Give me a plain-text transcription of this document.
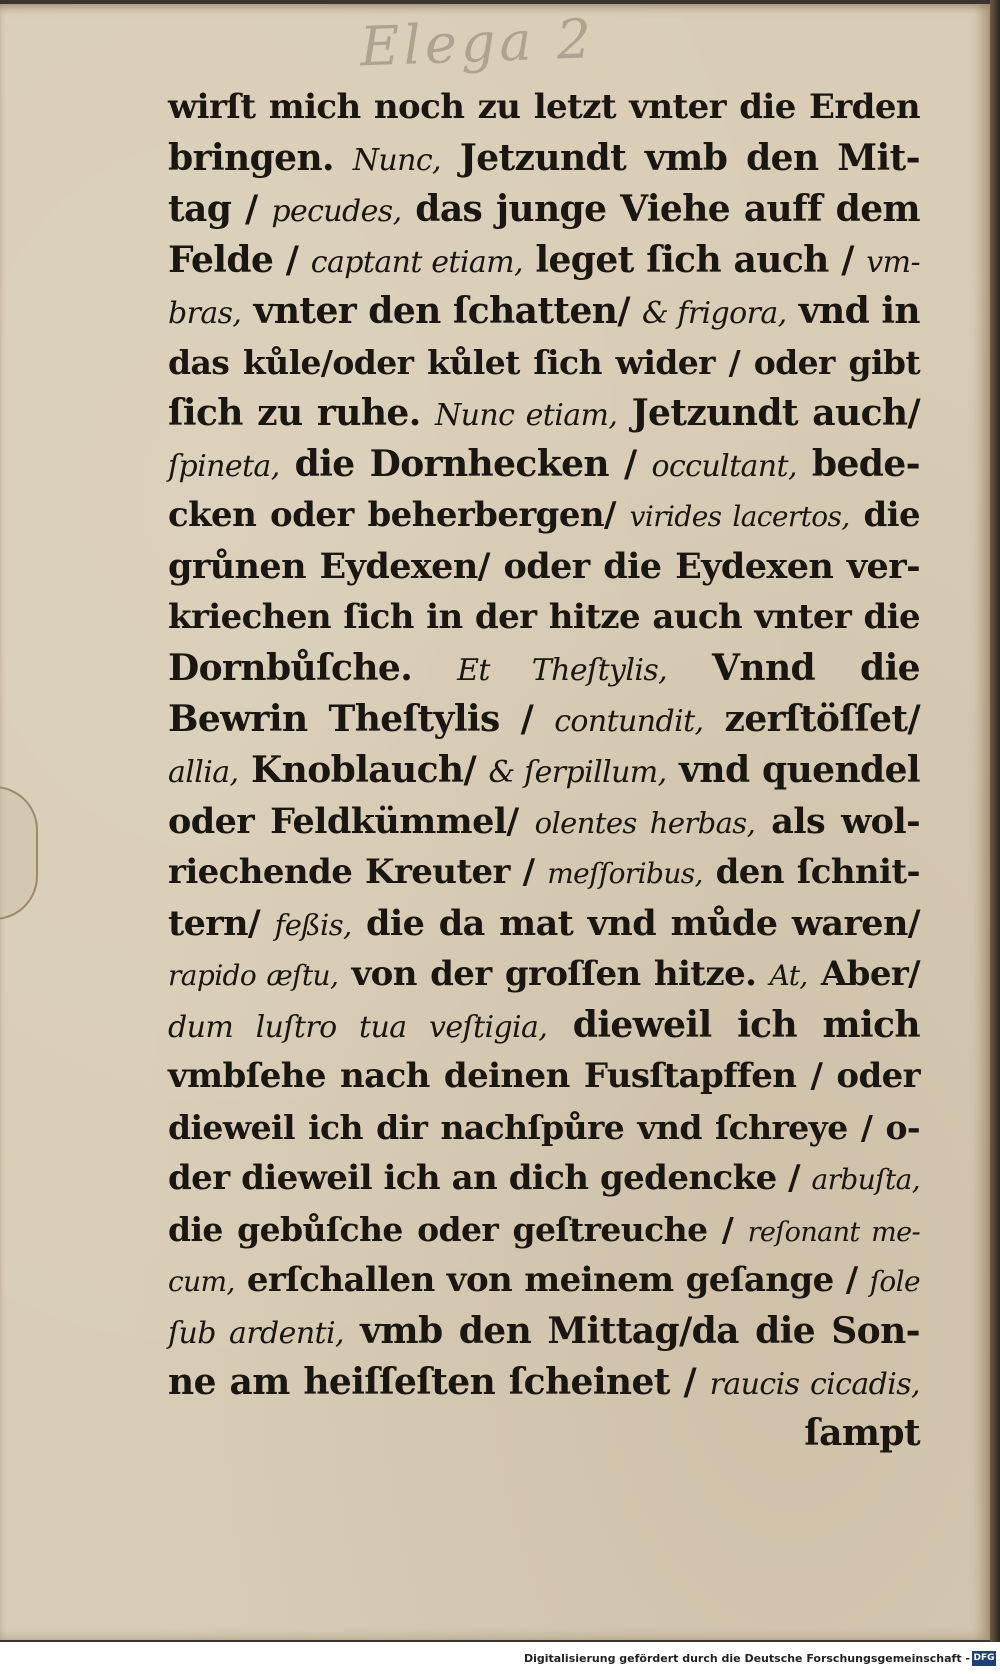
Elega 2
wirſt mich noch zu letzt vnter die Erden
bringen. Nunc, Jetzundt vmb den Mit-
tag / pecudes, das junge Viehe auff dem
Felde / captant etiam, leget ſich auch / vm-
bras, vnter den ſchatten/ & frigora, vnd in
das kůle/oder kůlet ſich wider / oder gibt
ſich zu ruhe. Nunc etiam, Jetzundt auch/
ſpineta, die Dornhecken / occultant, bede-
cken oder beherbergen/ virides lacertos, die
grůnen Eydexen/ oder die Eydexen ver-
kriechen ſich in der hitze auch vnter die
Dornbůſche. Et Theſtylis, Vnnd die
Bewrin Theſtylis / contundit, zerſtöſſet/
allia, Knoblauch/ & ſerpillum, vnd quendel
oder Feldkümmel/ olentes herbas, als wol-
riechende Kreuter / meſſoribus, den ſchnit-
tern/ feßis, die da mat vnd můde waren/
rapido æſtu, von der groſſen hitze. At, Aber/
dum luſtro tua veſtigia, dieweil ich mich
vmbſehe nach deinen Fusſtapffen / oder
dieweil ich dir nachſpůre vnd ſchreye / o-
der dieweil ich an dich gedencke / arbuſta,
die gebůſche oder geſtreuche / reſonant me-
cum, erſchallen von meinem geſange / ſole
ſub ardenti, vmb den Mittag/da die Son-
ne am heiſſeſten ſcheinet / raucis cicadis,
ſampt
Digitalisierung gefördert durch die Deutsche Forschungsgemeinschaft - DFG
